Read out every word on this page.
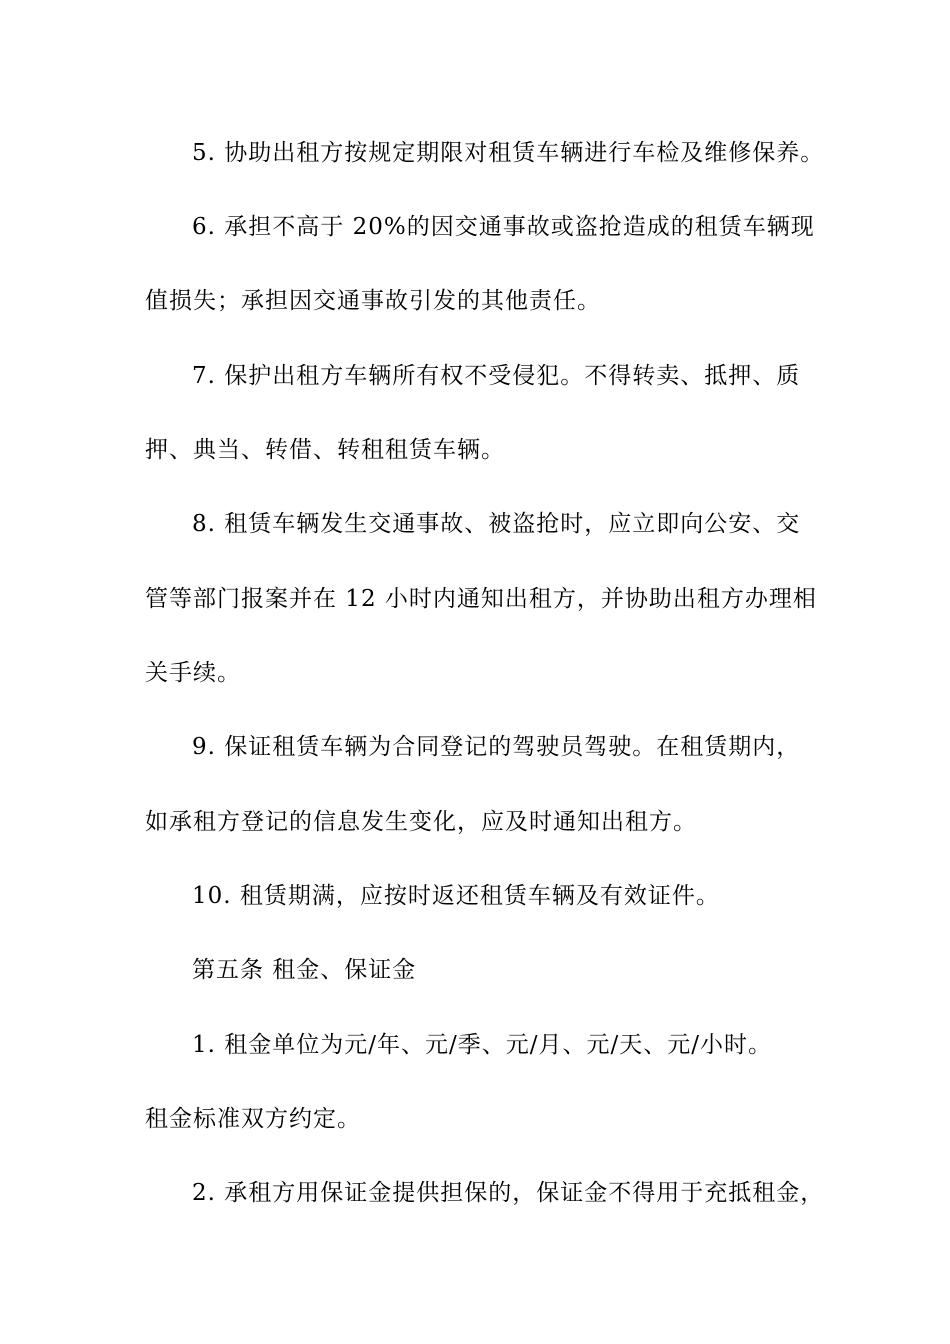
5. 协助出租方按规定期限对租赁车辆进行车检及维修保养。
6. 承担不高于 20%的因交通事故或盗抢造成的租赁车辆现
值损失；承担因交通事故引发的其他责任。
7. 保护出租方车辆所有权不受侵犯。不得转卖、抵押、质
押、典当、转借、转租租赁车辆。
8. 租赁车辆发生交通事故、被盗抢时，应立即向公安、交
管等部门报案并在 12 小时内通知出租方，并协助出租方办理相
关手续。
9. 保证租赁车辆为合同登记的驾驶员驾驶。在租赁期内，
如承租方登记的信息发生变化，应及时通知出租方。
10. 租赁期满，应按时返还租赁车辆及有效证件。
第五条 租金、保证金
1. 租金单位为元/年、元/季、元/月、元/天、元/小时。
租金标准双方约定。
2. 承租方用保证金提供担保的，保证金不得用于充抵租金，
